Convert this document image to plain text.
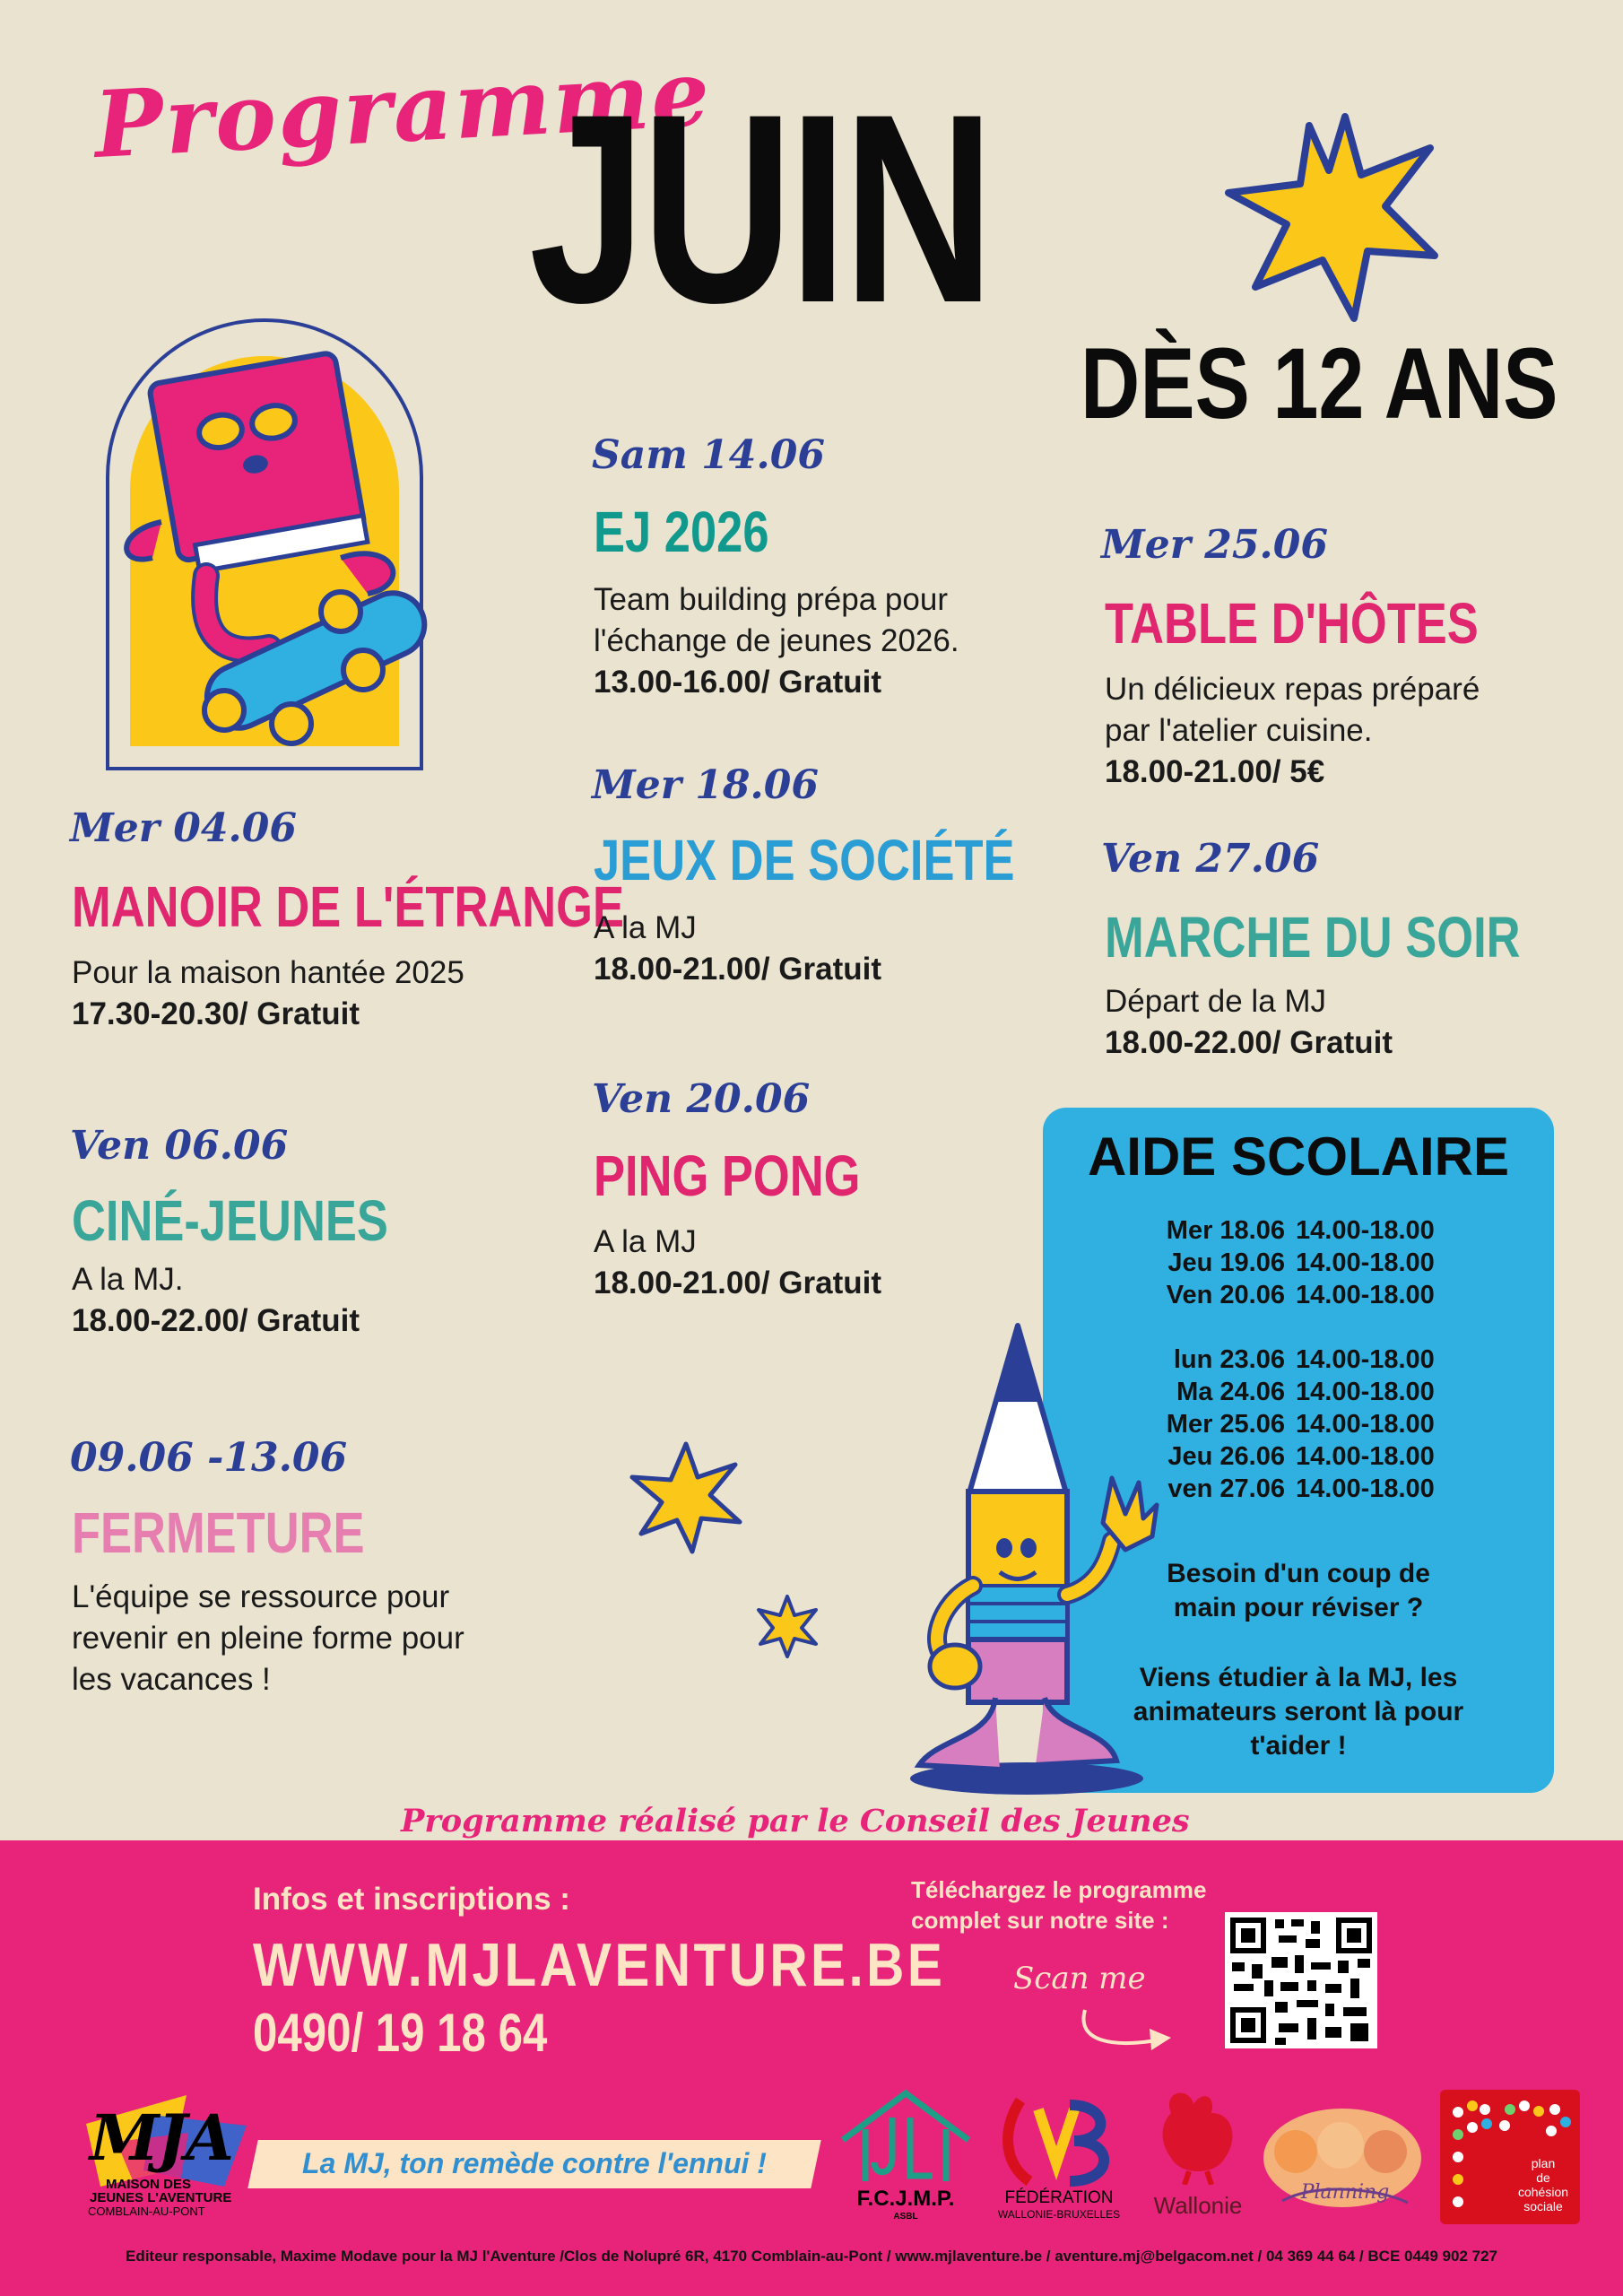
Programme
JUIN
DÈS 12 ANS
Mer 04.06
MANOIR DE L'ÉTRANGE
Pour la maison hantée 2025
17.30-20.30/ Gratuit
Ven 06.06
CINÉ-JEUNES
A la MJ.
18.00-22.00/ Gratuit
09.06 -13.06
FERMETURE
L'équipe se ressource pour
revenir en pleine forme pour
les vacances !
Sam 14.06
EJ 2026
Team building prépa pour
l'échange de jeunes 2026.
13.00-16.00/ Gratuit
Mer 18.06
JEUX DE SOCIÉTÉ
A la MJ
18.00-21.00/ Gratuit
Ven 20.06
PING PONG
A la MJ
18.00-21.00/ Gratuit
Mer 25.06
TABLE D'HÔTES
Un délicieux repas préparé
par l'atelier cuisine.
18.00-21.00/ 5€
Ven 27.06
MARCHE DU SOIR
Départ de la MJ
18.00-22.00/ Gratuit
AIDE SCOLAIRE
Mer 18.06 14.00-18.00
Jeu 19.06 14.00-18.00
Ven 20.06 14.00-18.00
lun 23.06 14.00-18.00
Ma 24.06 14.00-18.00
Mer 25.06 14.00-18.00
Jeu 26.06 14.00-18.00
ven 27.06 14.00-18.00
Besoin d'un coup de
main pour réviser ?
Viens étudier à la MJ, les
animateurs seront là pour
t'aider !
Programme réalisé par le Conseil des Jeunes
Infos et inscriptions :
WWW.MJLAVENTURE.BE
0490/ 19 18 64
Téléchargez le programme
complet sur notre site :
Scan me
MJA
MAISON DES
JEUNES L'AVENTURE
COMBLAIN-AU-PONT
La MJ, ton remède contre l'ennui !
F.C.J.M.P.
ASBL
FÉDÉRATION
WALLONIE-BRUXELLES	Wallonie	Planning
plan
de
cohésion
sociale
Editeur responsable, Maxime Modave pour la MJ l'Aventure /Clos de Nolupré 6R, 4170 Comblain-au-Pont / www.mjlaventure.be / aventure.mj@belgacom.net / 04 369 44 64 / BCE 0449 902 727
